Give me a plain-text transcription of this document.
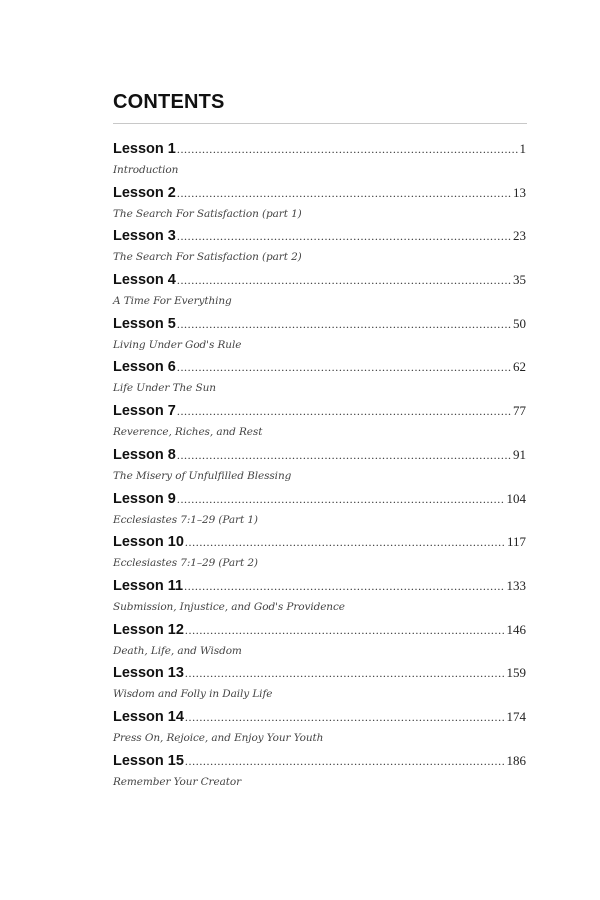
CONTENTS
Lesson 1 .....	1
Introduction
Lesson 2 .....	13
The Search For Satisfaction (part 1)
Lesson 3 .....	23
The Search For Satisfaction (part 2)
Lesson 4 .....	35
A Time For Everything
Lesson 5 .....	50
Living Under God's Rule
Lesson 6 .....	62
Life Under The Sun
Lesson 7 .....	77
Reverence, Riches, and Rest
Lesson 8 .....	91
The Misery of Unfulfilled Blessing
Lesson 9 .....	104
Ecclesiastes 7:1–29 (Part 1)
Lesson 10 .....	117
Ecclesiastes 7:1–29 (Part 2)
Lesson 11 .....	133
Submission, Injustice, and God's Providence
Lesson 12 .....	146
Death, Life, and Wisdom
Lesson 13 .....	159
Wisdom and Folly in Daily Life
Lesson 14 .....	174
Press On, Rejoice, and Enjoy Your Youth
Lesson 15 .....	186
Remember Your Creator
